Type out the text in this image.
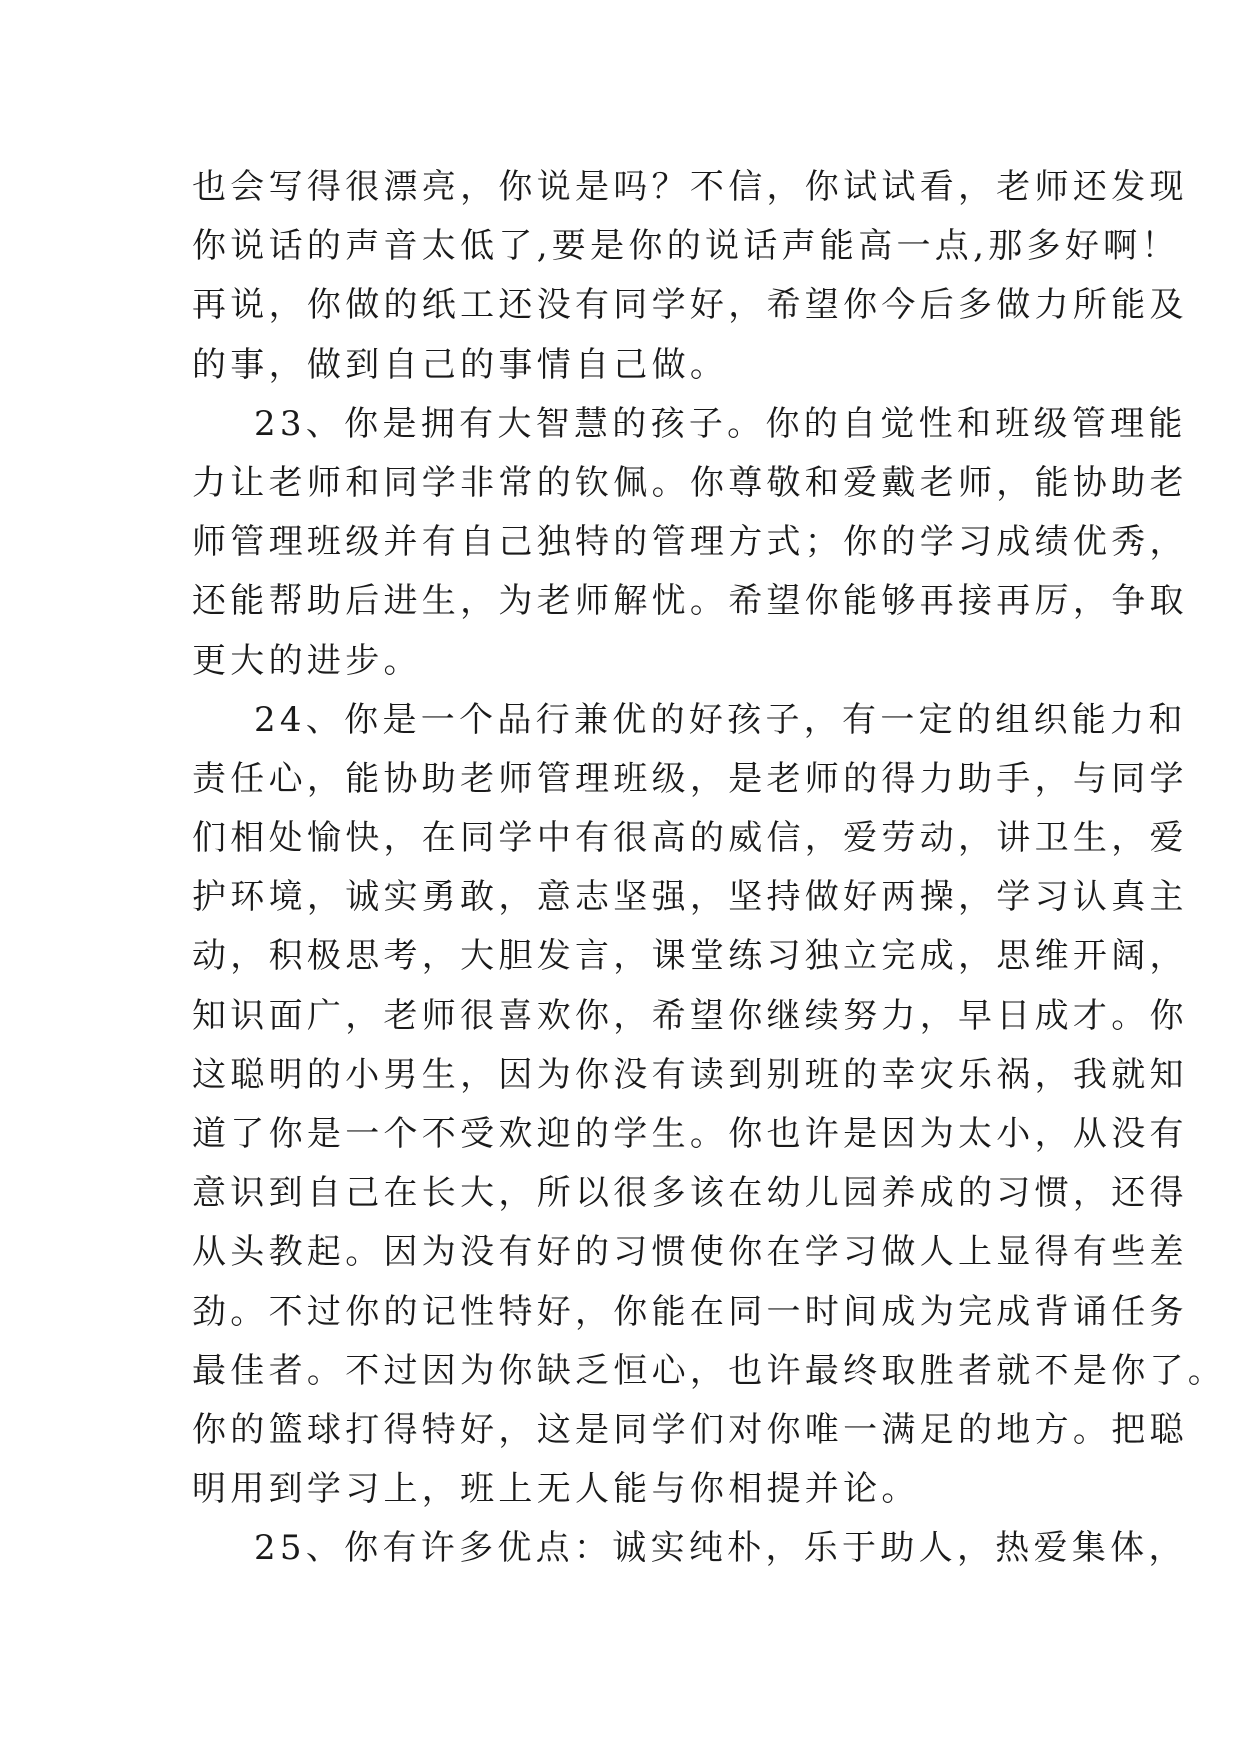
也会写得很漂亮，你说是吗？不信，你试试看，老师还发现
你说话的声音太低了,要是你的说话声能高一点,那多好啊！
再说，你做的纸工还没有同学好，希望你今后多做力所能及
的事，做到自己的事情自己做。
23、你是拥有大智慧的孩子。你的自觉性和班级管理能
力让老师和同学非常的钦佩。你尊敬和爱戴老师，能协助老
师管理班级并有自己独特的管理方式；你的学习成绩优秀，
还能帮助后进生，为老师解忧。希望你能够再接再厉，争取
更大的进步。
24、你是一个品行兼优的好孩子，有一定的组织能力和
责任心，能协助老师管理班级，是老师的得力助手，与同学
们相处愉快，在同学中有很高的威信，爱劳动，讲卫生，爱
护环境，诚实勇敢，意志坚强，坚持做好两操，学习认真主
动，积极思考，大胆发言，课堂练习独立完成，思维开阔，
知识面广，老师很喜欢你，希望你继续努力，早日成才。你
这聪明的小男生，因为你没有读到别班的幸灾乐祸，我就知
道了你是一个不受欢迎的学生。你也许是因为太小，从没有
意识到自己在长大，所以很多该在幼儿园养成的习惯，还得
从头教起。因为没有好的习惯使你在学习做人上显得有些差
劲。不过你的记性特好，你能在同一时间成为完成背诵任务
最佳者。不过因为你缺乏恒心，也许最终取胜者就不是你了。
你的篮球打得特好，这是同学们对你唯一满足的地方。把聪
明用到学习上，班上无人能与你相提并论。
25、你有许多优点：诚实纯朴，乐于助人，热爱集体，
